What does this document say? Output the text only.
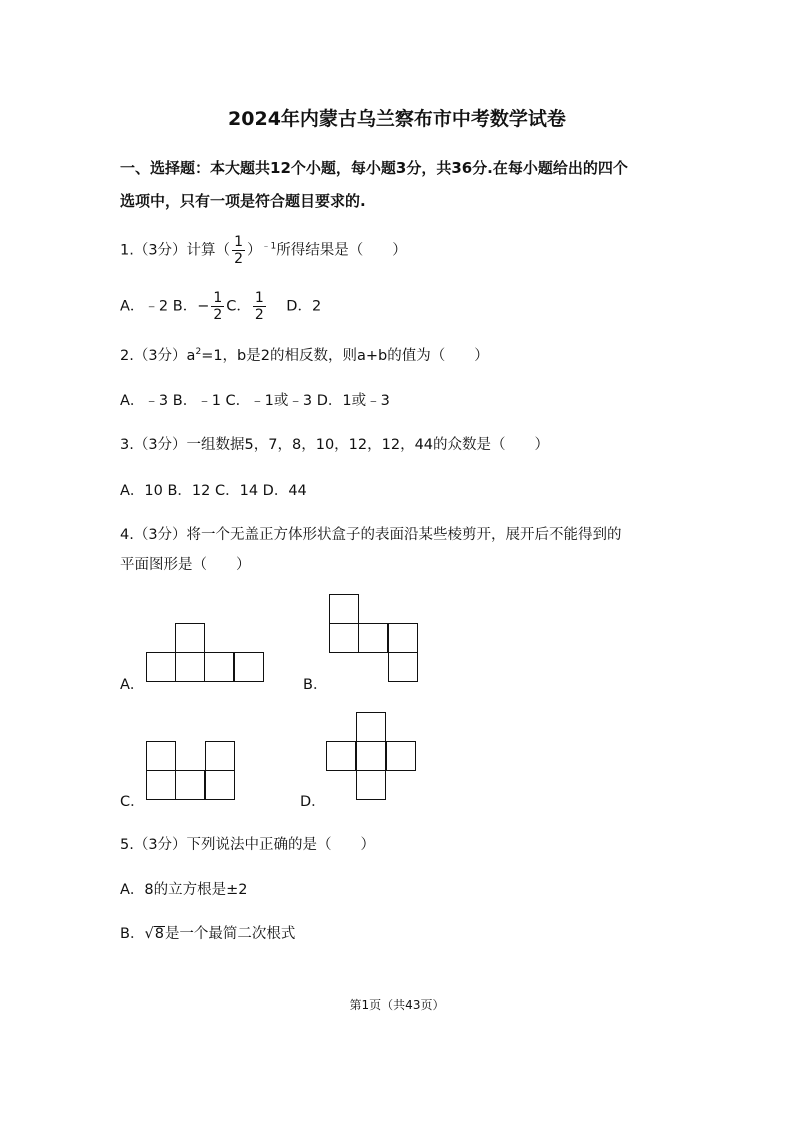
2024年内蒙古乌兰察布市中考数学试卷
一、选择题：本大题共12个小题，每小题3分，共36分.在每小题给出的四个
选项中，只有一项是符合题目要求的.
1.（3分）计算（ $\frac{1}{2} )^{﹣1}$所得结果是（　　）
A．﹣2 B．− $\frac{1}{2}$ C． $\frac{1}{2}$ D．2
2.（3分）$a^2=1$，b是2的相反数，则a+b的值为（　　）
A．﹣3 B．﹣1 C．﹣1或﹣3 D．1或﹣3
3.（3分）一组数据5，7，8，10，12，12，44的众数是（　　）
A．10 B．12 C．14 D．44
4.（3分）将一个无盖正方体形状盒子的表面沿某些棱剪开，展开后不能得到的
平面图形是（　　）
A．	B．
C．	D．
5.（3分）下列说法中正确的是（　　）
A．8的立方根是±2
B．√8是一个最简二次根式
第1页（共43页）
